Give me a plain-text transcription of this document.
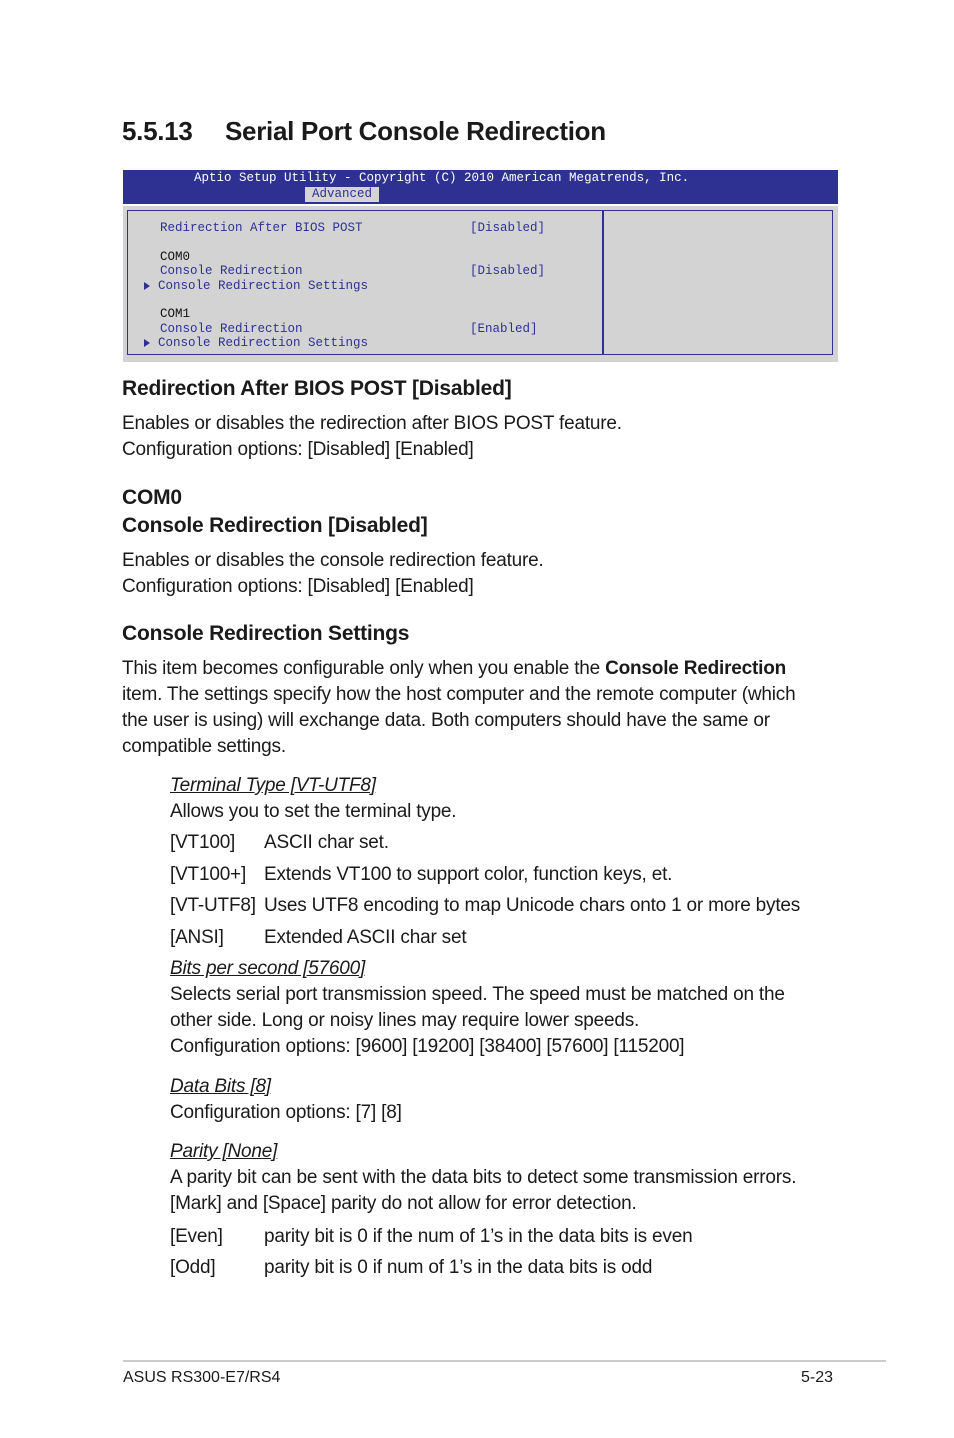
5.5.13 Serial Port Console Redirection
Aptio Setup Utility - Copyright (C) 2010 American Megatrends, Inc.
Advanced
Redirection After BIOS POST	[Disabled]
COM0
Console Redirection	[Disabled]
Console Redirection Settings
COM1
Console Redirection	[Enabled]
Console Redirection Settings
Redirection After BIOS POST [Disabled]
Enables or disables the redirection after BIOS POST feature.
Configuration options: [Disabled] [Enabled]
COM0
Console Redirection [Disabled]
Enables or disables the console redirection feature.
Configuration options: [Disabled] [Enabled]
Console Redirection Settings
This item becomes configurable only when you enable the Console Redirection
item. The settings specify how the host computer and the remote computer (which
the user is using) will exchange data. Both computers should have the same or
compatible settings.
Terminal Type [VT-UTF8]
Allows you to set the terminal type.
[VT100] ASCII char set.
[VT100+] Extends VT100 to support color, function keys, et.
[VT-UTF8] Uses UTF8 encoding to map Unicode chars onto 1 or more bytes
[ANSI] Extended ASCII char set
Bits per second [57600]
Selects serial port transmission speed. The speed must be matched on the
other side. Long or noisy lines may require lower speeds.
Configuration options: [9600] [19200] [38400] [57600] [115200]
Data Bits [8]
Configuration options: [7] [8]
Parity [None]
A parity bit can be sent with the data bits to detect some transmission errors.
[Mark] and [Space] parity do not allow for error detection.
[Even] parity bit is 0 if the num of 1’s in the data bits is even
[Odd]	parity bit is 0 if num of 1’s in the data bits is odd
ASUS RS300-E7/RS4	5-23
